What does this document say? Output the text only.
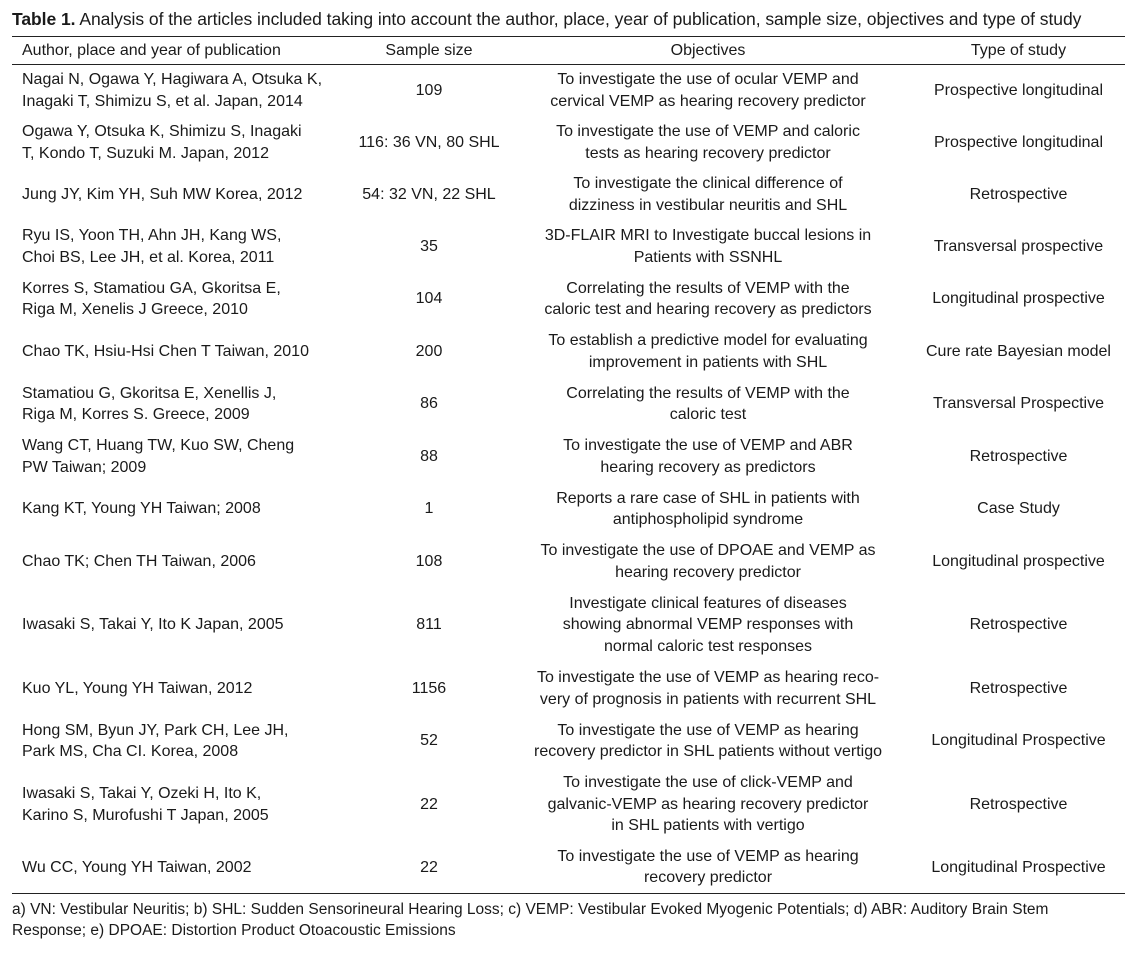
Table 1. Analysis of the articles included taking into account the author, place, year of publication, sample size, objectives and type of study

Author, place and year of publication	Sample size	Objectives	Type of study

Nagai N, Ogawa Y, Hagiwara A, Otsuka K,
Inagaki T, Shimizu S, et al. Japan, 2014	109	To investigate the use of ocular VEMP and
cervical VEMP as hearing recovery predictor	Prospective longitudinal

Ogawa Y, Otsuka K, Shimizu S, Inagaki
T, Kondo T, Suzuki M. Japan, 2012	116: 36 VN, 80 SHL	To investigate the use of VEMP and caloric
tests as hearing recovery predictor	Prospective longitudinal

Jung JY, Kim YH, Suh MW Korea, 2012	54: 32 VN, 22 SHL	To investigate the clinical difference of
dizziness in vestibular neuritis and SHL	Retrospective

Ryu IS, Yoon TH, Ahn JH, Kang WS,
Choi BS, Lee JH, et al. Korea, 2011	35	3D-FLAIR MRI to Investigate buccal lesions in
Patients with SSNHL	Transversal prospective

Korres S, Stamatiou GA, Gkoritsa E,
Riga M, Xenelis J Greece, 2010	104	Correlating the results of VEMP with the
caloric test and hearing recovery as predictors	Longitudinal prospective

Chao TK, Hsiu-Hsi Chen T Taiwan, 2010	200	To establish a predictive model for evaluating
improvement in patients with SHL	Cure rate Bayesian model

Stamatiou G, Gkoritsa E, Xenellis J,
Riga M, Korres S. Greece, 2009	86	Correlating the results of VEMP with the
caloric test	Transversal Prospective

Wang CT, Huang TW, Kuo SW, Cheng
PW Taiwan; 2009	88	To investigate the use of VEMP and ABR
hearing recovery as predictors	Retrospective

Kang KT, Young YH Taiwan; 2008	1	Reports a rare case of SHL in patients with
antiphospholipid syndrome	Case Study

Chao TK; Chen TH Taiwan, 2006	108	To investigate the use of DPOAE and VEMP as
hearing recovery predictor	Longitudinal prospective

Iwasaki S, Takai Y, Ito K Japan, 2005	811	Investigate clinical features of diseases
showing abnormal VEMP responses with
normal caloric test responses	Retrospective

Kuo YL, Young YH Taiwan, 2012	1156	To investigate the use of VEMP as hearing reco-
very of prognosis in patients with recurrent SHL	Retrospective

Hong SM, Byun JY, Park CH, Lee JH,
Park MS, Cha CI. Korea, 2008	52	To investigate the use of VEMP as hearing
recovery predictor in SHL patients without vertigo	Longitudinal Prospective

Iwasaki S, Takai Y, Ozeki H, Ito K,
Karino S, Murofushi T Japan, 2005	22	To investigate the use of click-VEMP and
galvanic-VEMP as hearing recovery predictor
in SHL patients with vertigo	Retrospective

Wu CC, Young YH Taiwan, 2002	22	To investigate the use of VEMP as hearing
recovery predictor	Longitudinal Prospective
a) VN: Vestibular Neuritis; b) SHL: Sudden Sensorineural Hearing Loss; c) VEMP: Vestibular Evoked Myogenic Potentials; d) ABR: Auditory Brain Stem Response; e) DPOAE: Distortion Product Otoacoustic Emissions
